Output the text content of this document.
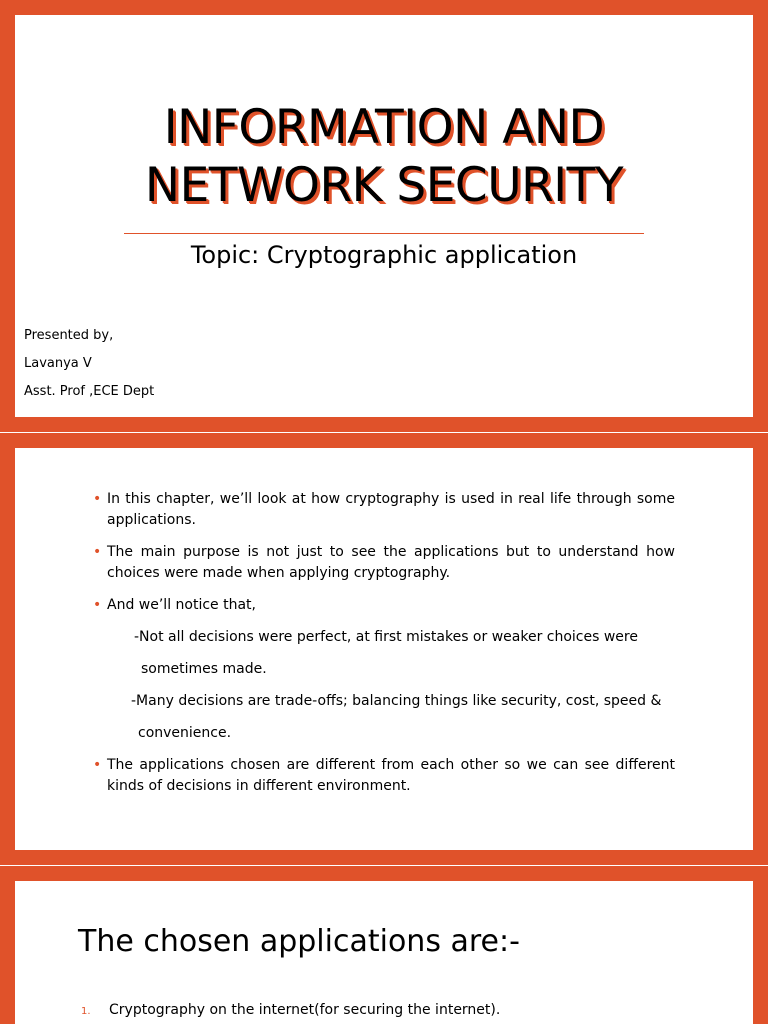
INFORMATION AND
NETWORK SECURITY
Topic: Cryptographic application
Presented by,
Lavanya V
Asst. Prof ,ECE Dept
• In this chapter, we’ll look at how cryptography is used in real life through some applications.
• The main purpose is not just to see the applications but to understand how choices were made when applying cryptography.
• And we’ll notice that,
-Not all decisions were perfect, at first mistakes or weaker choices were
sometimes made.
-Many decisions are trade-offs; balancing things like security, cost, speed &
convenience.
• The applications chosen are different from each other so we can see different kinds of decisions in different environment.
The chosen applications are:-
1. Cryptography on the internet(for securing the internet).
